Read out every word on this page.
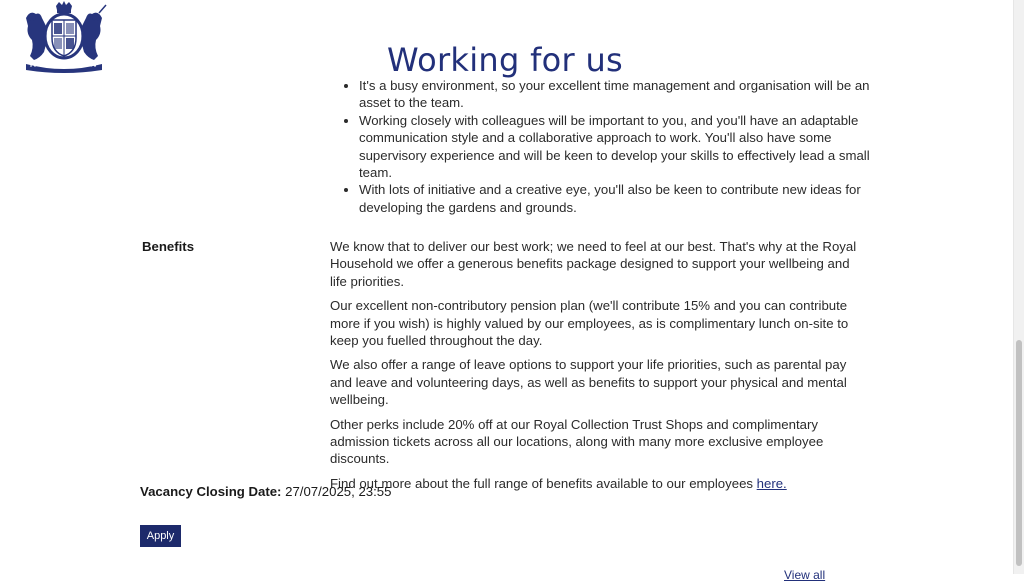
Working for us
• It's a busy environment, so your excellent time management and organisation will be an asset to the team.
• Working closely with colleagues will be important to you, and you'll have an adaptable communication style and a collaborative approach to work. You'll also have some supervisory experience and will be keen to develop your skills to effectively lead a small team.
• With lots of initiative and a creative eye, you'll also be keen to contribute new ideas for developing the gardens and grounds.
Benefits	We know that to deliver our best work; we need to feel at our best. That's why at the Royal Household we offer a generous benefits package designed to support your wellbeing and life priorities.

Our excellent non-contributory pension plan (we'll contribute 15% and you can contribute more if you wish) is highly valued by our employees, as is complimentary lunch on-site to keep you fuelled throughout the day.

We also offer a range of leave options to support your life priorities, such as parental pay and leave and volunteering days, as well as benefits to support your physical and mental wellbeing.

Other perks include 20% off at our Royal Collection Trust Shops and complimentary admission tickets across all our locations, along with many more exclusive employee discounts.

Find out more about the full range of benefits available to our employees here.

Vacancy Closing Date: 27/07/2025, 23:55
Apply
View all
